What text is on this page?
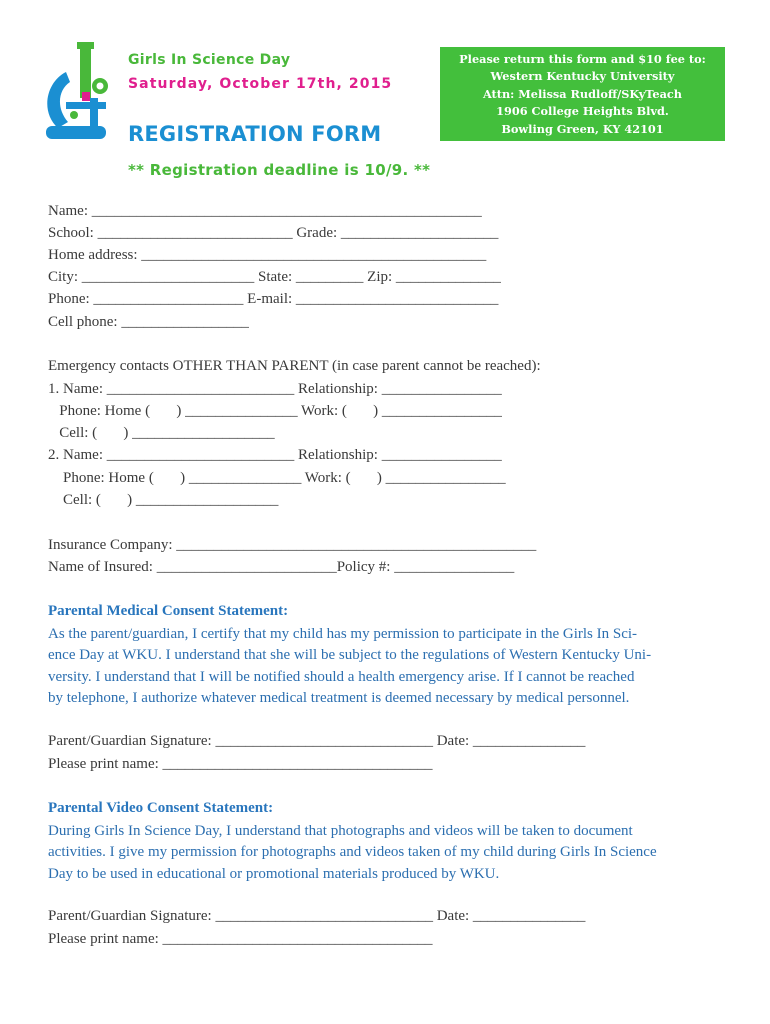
Girls In Science Day
Saturday, October 17th, 2015
REGISTRATION FORM
** Registration deadline is 10/9. **
Please return this form and $10 fee to:
Western Kentucky University
Attn: Melissa Rudloff/SKyTeach
1906 College Heights Blvd.
Bowling Green, KY 42101
Name: ____________________________________________________
School: __________________________ Grade: _____________________
Home address: ______________________________________________
City: _______________________ State: _________ Zip: ______________
Phone: ____________________ E-mail: ___________________________
Cell phone: _________________
Emergency contacts OTHER THAN PARENT (in case parent cannot be reached):
1. Name: _________________________ Relationship: ________________
Phone: Home (       ) _______________ Work: (       ) ________________
Cell: (       ) ___________________
2. Name: _________________________ Relationship: ________________
Phone: Home (       ) _______________ Work: (       ) ________________
Cell: (       ) ___________________
Insurance Company: ________________________________________________
Name of Insured: ________________________Policy #: ________________
Parental Medical Consent Statement:
As the parent/guardian, I certify that my child has my permission to participate in the Girls In Sci-
ence Day at WKU. I understand that she will be subject to the regulations of Western Kentucky Uni-
versity. I understand that I will be notified should a health emergency arise. If I cannot be reached
by telephone, I authorize whatever medical treatment is deemed necessary by medical personnel.
Parent/Guardian Signature: _____________________________ Date: _______________
Please print name: ____________________________________
Parental Video Consent Statement:
During Girls In Science Day, I understand that photographs and videos will be taken to document
activities. I give my permission for photographs and videos taken of my child during Girls In Science
Day to be used in educational or promotional materials produced by WKU.
Parent/Guardian Signature: _____________________________ Date: _______________
Please print name: ____________________________________
